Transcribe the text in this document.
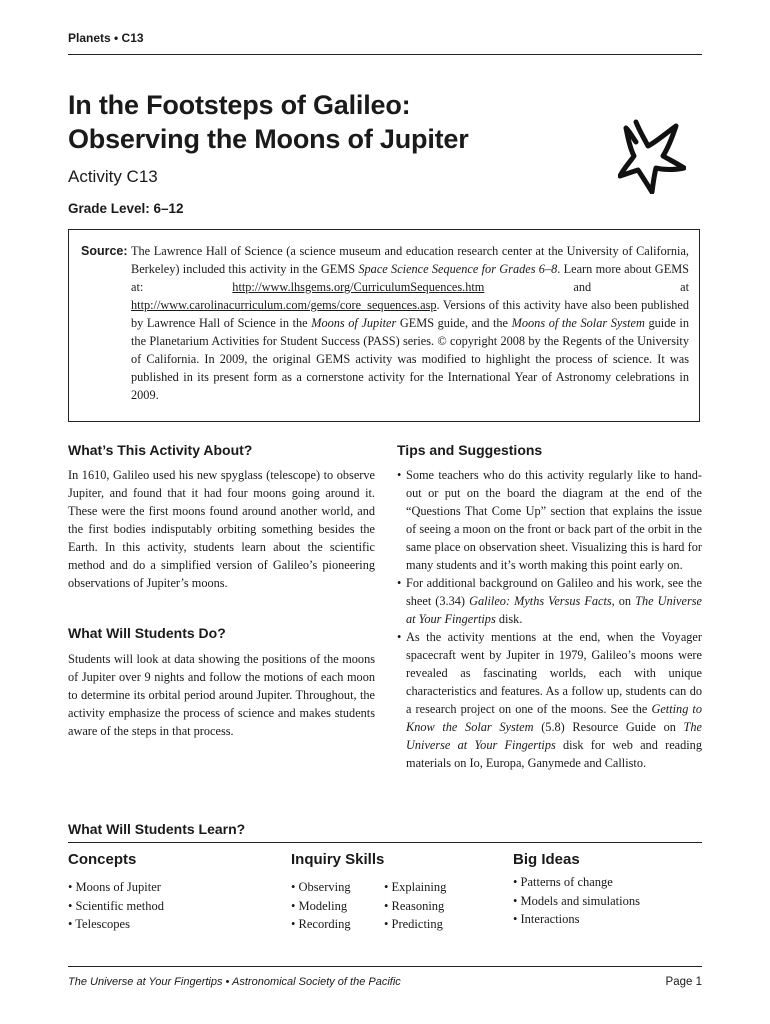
Planets • C13
In the Footsteps of Galileo:
Observing the Moons of Jupiter
Activity C13
Grade Level: 6–12
Source: The Lawrence Hall of Science (a science museum and education research center at the University of California, Berkeley) included this activity in the GEMS Space Science Sequence for Grades 6–8. Learn more about GEMS at: http://www.lhsgems.org/CurriculumSequences.htm and at http://www.carolinacurriculum.com/gems/core_sequences.asp. Versions of this activity have also been published by Lawrence Hall of Science in the Moons of Jupiter GEMS guide, and the Moons of the Solar System guide in the Planetarium Activities for Student Success (PASS) series. © copyright 2008 by the Regents of the University of California. In 2009, the original GEMS activity was modified to highlight the process of science. It was published in its present form as a cornerstone activity for the International Year of Astronomy celebrations in 2009.
What’s This Activity About?
In 1610, Galileo used his new spyglass (telescope) to observe Jupiter, and found that it had four moons going around it. These were the first moons found around another world, and the first bodies indisputably orbiting something besides the Earth. In this activity, students learn about the scientific method and do a simplified version of Galileo’s pioneering observations of Jupiter’s moons.
What Will Students Do?
Students will look at data showing the positions of the moons of Jupiter over 9 nights and follow the motions of each moon to determine its orbital period around Jupiter. Throughout, the activity emphasize the process of science and makes students aware of the steps in that process.
Tips and Suggestions
• Some teachers who do this activity regularly like to hand-out or put on the board the diagram at the end of the “Questions That Come Up” section that explains the issue of seeing a moon on the front or back part of the orbit in the same place on observation sheet. Visualizing this is hard for many students and it’s worth making this point early on.
• For additional background on Galileo and his work, see the sheet (3.34) Galileo: Myths Versus Facts, on The Universe at Your Fingertips disk.
• As the activity mentions at the end, when the Voyager spacecraft went by Jupiter in 1979, Galileo’s moons were revealed as fascinating worlds, each with unique characteristics and features. As a follow up, students can do a research project on one of the moons. See the Getting to Know the Solar System (5.8) Resource Guide on The Universe at Your Fingertips disk for web and reading materials on Io, Europa, Ganymede and Callisto.
What Will Students Learn?
Concepts
• Moons of Jupiter
• Scientific method
• Telescopes
Inquiry Skills
• Observing
• Modeling
• Recording
• Explaining
• Reasoning
• Predicting
Big Ideas
• Patterns of change
• Models and simulations
• Interactions
The Universe at Your Fingertips • Astronomical Society of the Pacific	Page 1
